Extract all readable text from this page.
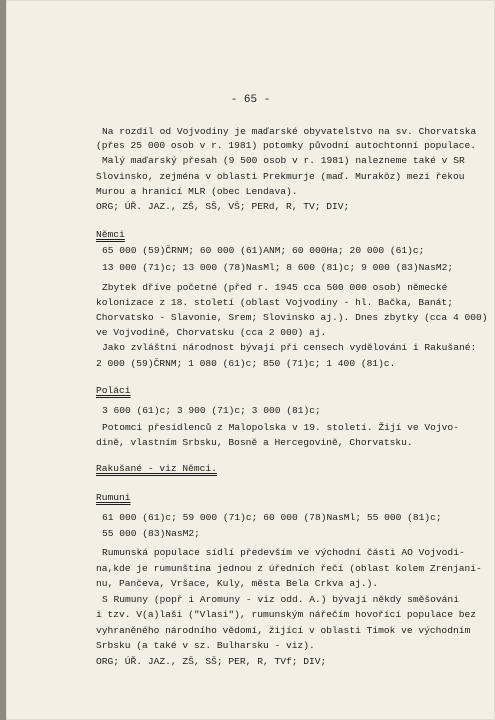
- 65 -
Na rozdíl od Vojvodiny je maďarské obyvatelstvo na sv. Chorvatska
(přes 25 000 osob v r. 1981) potomky původní autochtonní populace.
Malý maďarský přesah (9 500 osob v r. 1981) nalezneme také v SR
Slovinsko, zejména v oblasti Prekmurje (maď. Muraköz) mezi řekou
Murou a hranicí MLR (obec Lendava).
ORG; ÚŘ. JAZ., ZŠ, SŠ, VŠ; PERd, R, TV; DIV;
Němci
65 000 (59)ČRNM; 60 000 (61)ANM; 60 000Ha; 20 000 (61)c;
13 000 (71)c; 13 000 (78)NasMl; 8 600 (81)c; 9 000 (83)NasM2;
Zbytek dříve početné (před r. 1945 cca 500 000 osob) německé
kolonizace z 18. století (oblast Vojvodiny - hl. Bačka, Banát;
Chorvatsko - Slavonie, Srem; Slovinsko aj.). Dnes zbytky (cca 4 000)
ve Vojvodině, Chorvatsku (cca 2 000) aj.
Jako zvláštní národnost bývají při censech vydělování i Rakušané:
2 000 (59)ČRNM; 1 080 (61)c; 850 (71)c; 1 400 (81)c.
Poláci
3 600 (61)c; 3 900 (71)c; 3 000 (81)c;
Potomci přesídlenců z Malopolska v 19. století. Žijí ve Vojvo-
dině, vlastním Srbsku, Bosně a Hercegovině, Chorvatsku.
Rakušané - viz Němci.
Rumuni
61 000 (61)c; 59 000 (71)c; 60 000 (78)NasMl; 55 000 (81)c;
55 000 (83)NasM2;
Rumunská populace sídlí především ve východní části AO Vojvodi-
na,kde je rumunština jednou z úředních řečí (oblast kolem Zrenjani-
nu, Pančeva, Vršace, Kuly, města Bela Crkva aj.).
S Rumuny (popř i Aromuny - viz odd. A.) bývají někdy směšováni
i tzv. V(a)laši ("Vlasi"), rumunským nářečím hovořící populace bez
vyhraněného národního vědomí, žijící v oblasti Timok ve východním
Srbsku (a také v sz. Bulharsku - viz).
ORG; ÚŘ. JAZ., ZŠ, SŠ; PER, R, TVf; DIV;
